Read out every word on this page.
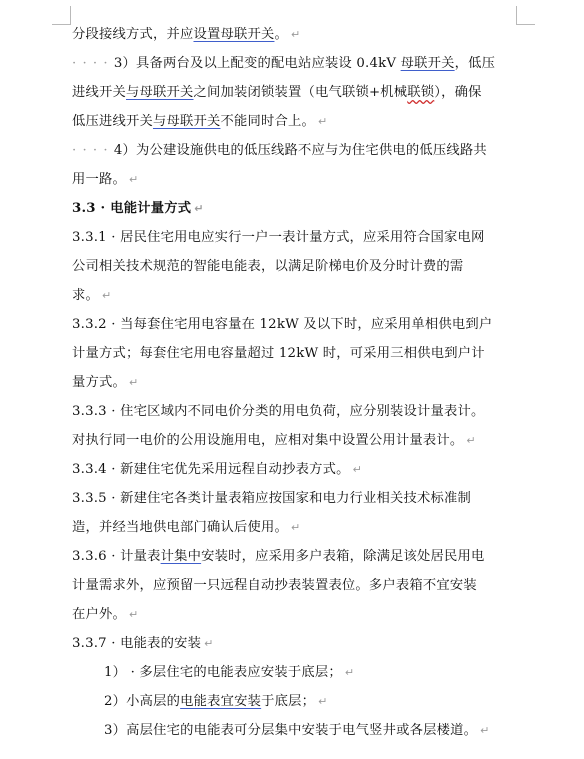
分段接线方式，并应设置母联开关。 ↵
· · · · 3）具备两台及以上配变的配电站应装设 0.4kV 母联开关，低压
进线开关与母联开关之间加装闭锁装置（电气联锁+机械联锁），确保
低压进线开关与母联开关不能同时合上。 ↵
· · · · 4）为公建设施供电的低压线路不应与为住宅供电的低压线路共
用一路。 ↵
3.3 · 电能计量方式 ↵
3.3.1 · 居民住宅用电应实行一户一表计量方式，应采用符合国家电网
公司相关技术规范的智能电能表，以满足阶梯电价及分时计费的需
求。 ↵
3.3.2 · 当每套住宅用电容量在 12kW 及以下时，应采用单相供电到户
计量方式；每套住宅用电容量超过 12kW 时，可采用三相供电到户计
量方式。 ↵
3.3.3 · 住宅区域内不同电价分类的用电负荷，应分别装设计量表计。
对执行同一电价的公用设施用电，应相对集中设置公用计量表计。 ↵
3.3.4 · 新建住宅优先采用远程自动抄表方式。 ↵
3.3.5 · 新建住宅各类计量表箱应按国家和电力行业相关技术标准制
造，并经当地供电部门确认后使用。 ↵
3.3.6 · 计量表计集中安装时，应采用多户表箱，除满足该处居民用电
计量需求外，应预留一只远程自动抄表装置表位。多户表箱不宜安装
在户外。 ↵
3.3.7 · 电能表的安装 ↵
1） · 多层住宅的电能表应安装于底层； ↵
2）小高层的电能表宜安装于底层； ↵
3）高层住宅的电能表可分层集中安装于电气竖井或各层楼道。 ↵
